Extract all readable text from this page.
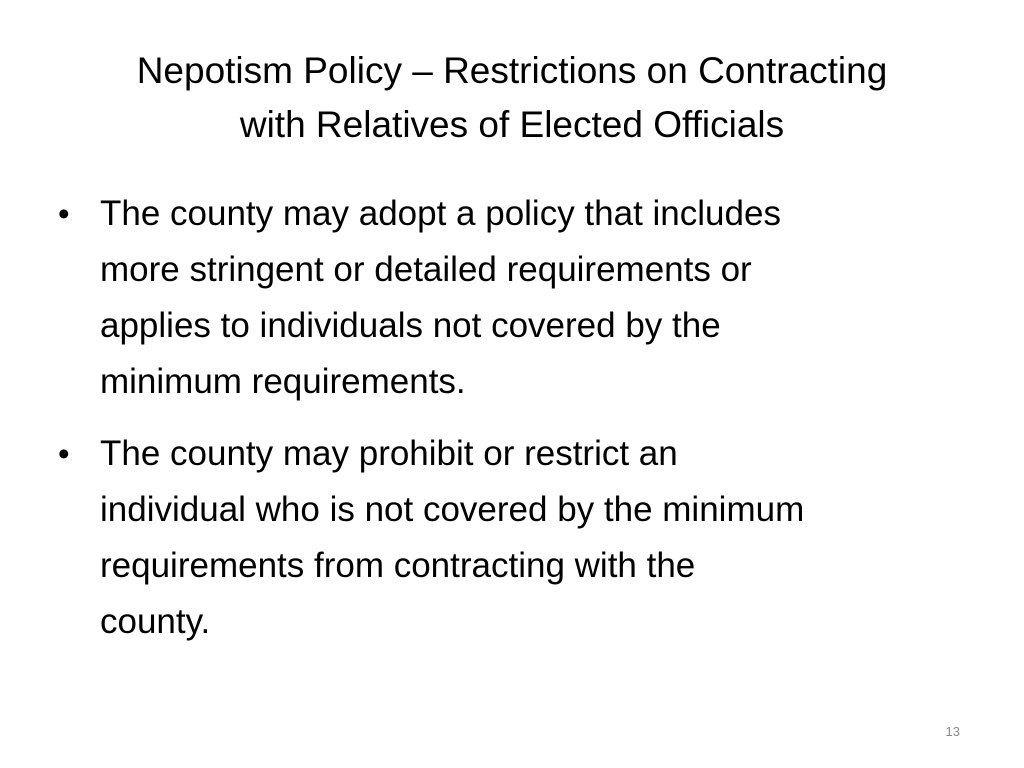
Nepotism Policy – Restrictions on Contracting
with Relatives of Elected Officials
• The county may adopt a policy that includes
more stringent or detailed requirements or
applies to individuals not covered by the
minimum requirements.
• The county may prohibit or restrict an
individual who is not covered by the minimum
requirements from contracting with the
county.
13
